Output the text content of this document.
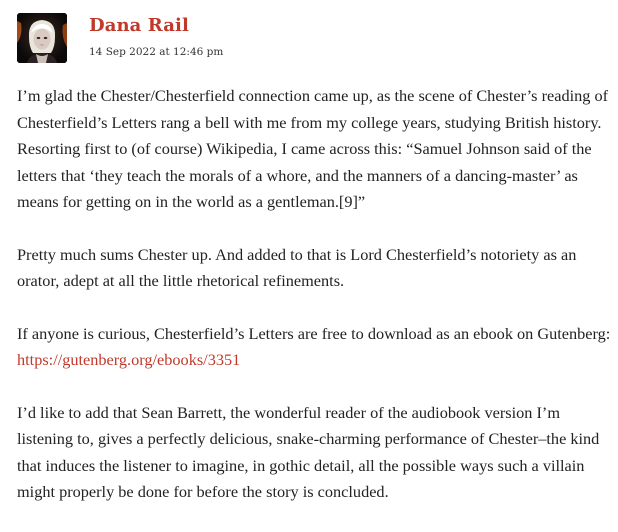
Dana Rail
14 Sep 2022 at 12:46 pm

I’m glad the Chester/Chesterfield connection came up, as the scene of Chester’s reading of Chesterfield’s Letters rang a bell with me from my college years, studying British history. Resorting first to (of course) Wikipedia, I came across this: “Samuel Johnson said of the letters that ‘they teach the morals of a whore, and the manners of a dancing-master’ as means for getting on in the world as a gentleman.[9]”

Pretty much sums Chester up. And added to that is Lord Chesterfield’s notoriety as an orator, adept at all the little rhetorical refinements.

If anyone is curious, Chesterfield’s Letters are free to download as an ebook on Gutenberg: https://gutenberg.org/ebooks/3351

I’d like to add that Sean Barrett, the wonderful reader of the audiobook version I’m listening to, gives a perfectly delicious, snake-charming performance of Chester–the kind that induces the listener to imagine, in gothic detail, all the possible ways such a villain might properly be done for before the story is concluded.
